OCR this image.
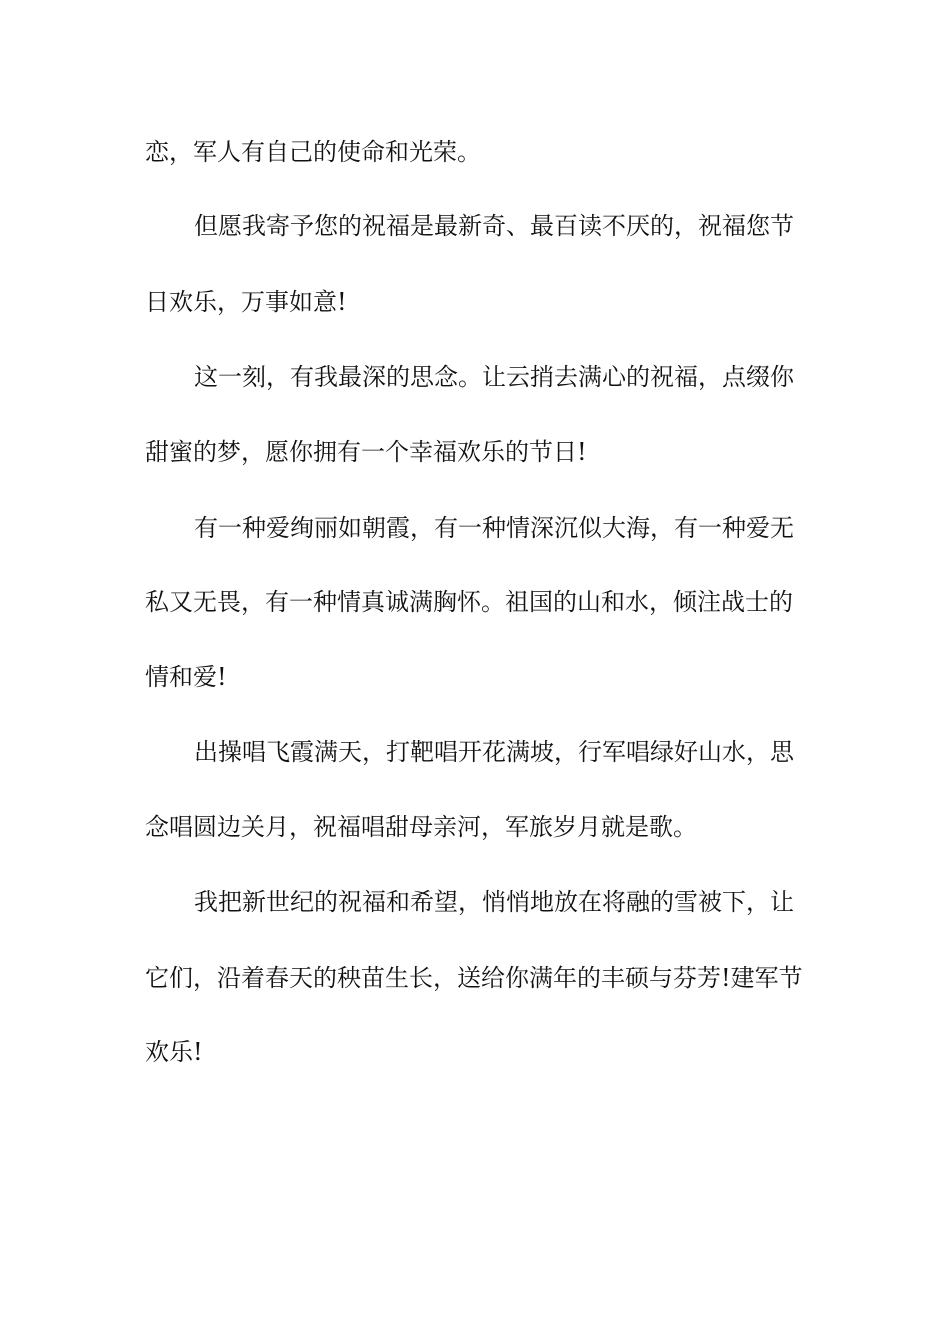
恋，军人有自己的使命和光荣。

但愿我寄予您的祝福是最新奇、最百读不厌的，祝福您节

日欢乐，万事如意!

这一刻，有我最深的思念。让云捎去满心的祝福，点缀你

甜蜜的梦，愿你拥有一个幸福欢乐的节日!

有一种爱绚丽如朝霞，有一种情深沉似大海，有一种爱无

私又无畏，有一种情真诚满胸怀。祖国的山和水，倾注战士的

情和爱!

出操唱飞霞满天，打靶唱开花满坡，行军唱绿好山水，思

念唱圆边关月，祝福唱甜母亲河，军旅岁月就是歌。

我把新世纪的祝福和希望，悄悄地放在将融的雪被下，让

它们，沿着春天的秧苗生长，送给你满年的丰硕与芬芳!建军节

欢乐!
